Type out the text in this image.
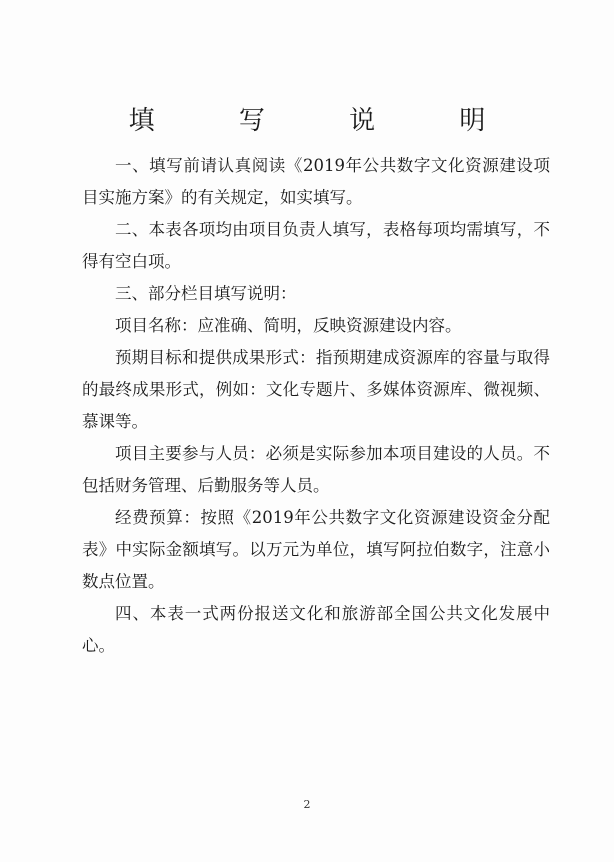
填 写 说 明

一、填写前请认真阅读《2019年公共数字文化资源建设项目实施方案》的有关规定，如实填写。

二、本表各项均由项目负责人填写，表格每项均需填写，不得有空白项。

三、部分栏目填写说明：

项目名称：应准确、简明，反映资源建设内容。

预期目标和提供成果形式：指预期建成资源库的容量与取得的最终成果形式，例如：文化专题片、多媒体资源库、微视频、慕课等。

项目主要参与人员：必须是实际参加本项目建设的人员。不包括财务管理、后勤服务等人员。

经费预算：按照《2019年公共数字文化资源建设资金分配表》中实际金额填写。以万元为单位，填写阿拉伯数字，注意小数点位置。

四、本表一式两份报送文化和旅游部全国公共文化发展中心。

2
